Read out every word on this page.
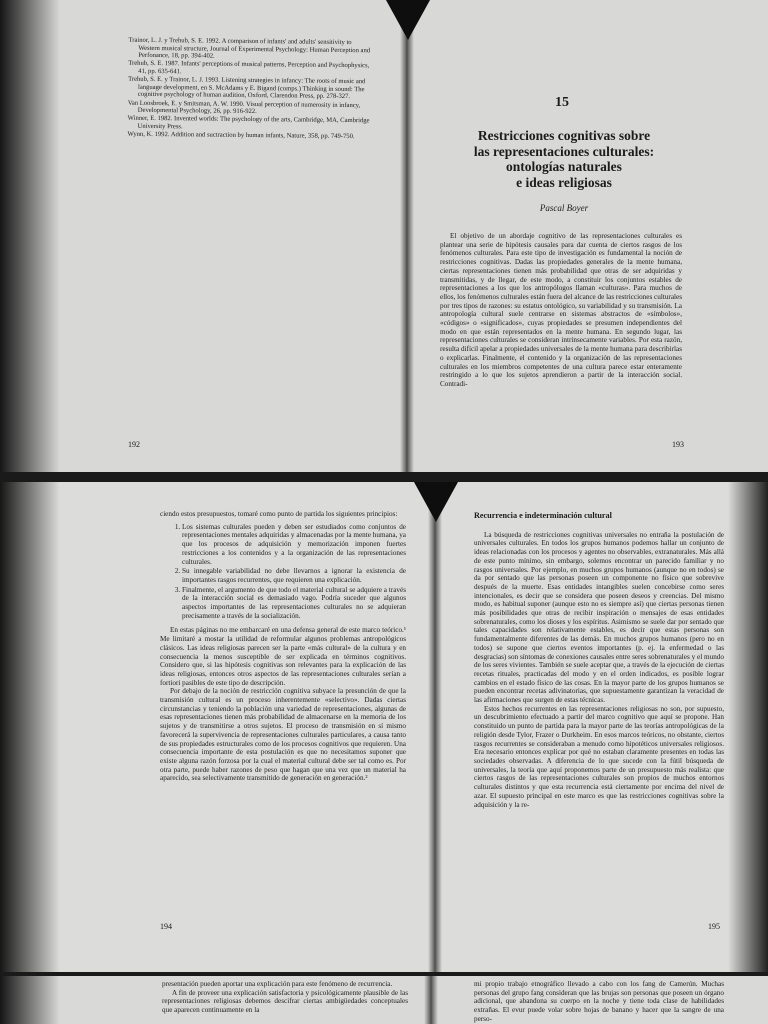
Trainor, L. J. y Trehub, S. E. 1992. A comparison of infants' and adults' sensitivity to Western musical structure, Journal of Experimental Psychology: Human Perception and Perfonance, 18, pp. 394-402.
Trehub, S. E. 1987. Infants' perceptions of musical patterns, Perception and Psychophysics, 41, pp. 635-641.
Trehub, S. E. y Trainor, L. J. 1993. Listening strategies in infancy: The roots of music and language development, en S. McAdams y E. Bigand (comps.) Thinking in sound: The cognitive psychology of human audition, Oxford, Clarendon Press, pp. 278-327.
Van Loosbroek, E. y Smitsman, A. W. 1990. Visual perception of numerosity in infancy, Developmental Psychology, 26, pp. 916-922.
Winner, E. 1982. Invented worlds: The psychology of the arts, Cambridge, MA, Cambridge University Press.
Wynn, K. 1992. Addition and suctraction by human infants, Nature, 358, pp. 749-750.
192
15
Restricciones cognitivas sobre
las representaciones culturales:
ontologías naturales
e ideas religiosas
Pascal Boyer

El objetivo de un abordaje cognitivo de las representaciones culturales es plantear una serie de hipótesis causales para dar cuenta de ciertos rasgos de los fenómenos culturales. Para este tipo de investigación es fundamental la noción de restricciones cognitivas. Dadas las propiedades generales de la mente humana, ciertas representaciones tienen más probabilidad que otras de ser adquiridas y transmitidas, y de llegar, de este modo, a constituir los conjuntos estables de representaciones a los que los antropólogos llaman «culturas». Para muchos de ellos, los fenómenos culturales están fuera del alcance de las restricciones culturales por tres tipos de razones: su estatus ontológico, su variabilidad y su transmisión. La antropología cultural suele centrarse en sistemas abstractos de «símbolos», «códigos» o «significados», cuyas propiedades se presumen independientes del modo en que están representados en la mente humana. En segundo lugar, las representaciones culturales se consideran intrínsecamente variables. Por esta razón, resulta difícil apelar a propiedades universales de la mente humana para describirlas o explicarlas. Finalmente, el contenido y la organización de las representaciones culturales en los miembros competentes de una cultura parece estar enteramente restringido a lo que los sujetos aprendieron a partir de la interacción social. Contradi-

193

ciendo estos presupuestos, tomaré como punto de partida los siguientes principios:

1. Los sistemas culturales pueden y deben ser estudiados como conjuntos de representaciones mentales adquiridas y almacenadas por la mente humana, ya que los procesos de adquisición y memorización imponen fuertes restricciones a los contenidos y a la organización de las representaciones culturales.
2. Su innegable variabilidad no debe llevarnos a ignorar la existencia de importantes rasgos recurrentes, que requieren una explicación.
3. Finalmente, el argumento de que todo el material cultural se adquiere a través de la interacción social es demasiado vago. Podría suceder que algunos aspectos importantes de las representaciones culturales no se adquieran precisamente a través de la socialización.

En estas páginas no me embarcaré en una defensa general de este marco teórico.¹ Me limitaré a mostar la utilidad de reformular algunos problemas antropológicos clásicos. Las ideas religiosas parecen ser la parte «más cultural» de la cultura y en consecuencia la menos susceptible de ser explicada en términos cognitivos. Considero que, si las hipótesis cognitivas son relevantes para la explicación de las ideas religiosas, entonces otros aspectos de las representaciones culturales serían a fortiori pasibles de este tipo de descripción.

Por debajo de la noción de restricción cognitiva subyace la presunción de que la transmisión cultural es un proceso inherentemente «selectivo». Dadas ciertas circunstancias y teniendo la población una variedad de representaciones, algunas de esas representaciones tienen más probabilidad de almacenarse en la memoria de los sujetos y de transmitirse a otros sujetos. El proceso de transmisión en sí mismo favorecerá la supervivencia de representaciones culturales particulares, a causa tanto de sus propiedades estructurales como de los procesos cognitivos que requieren. Una consecuencia importante de esta postulación es que no necesitamos suponer que existe alguna razón forzosa por la cual el material cultural debe ser tal como es. Por otra parte, puede haber razones de peso que hagan que una vez que un material ha aparecido, sea selectivamente transmitido de generación en generación.²

194
Recurrencia e indeterminación cultural

La búsqueda de restricciones cognitivas universales no entraña la postulación de universales culturales. En todos los grupos humanos podemos hallar un conjunto de ideas relacionadas con los procesos y agentes no observables, extranaturales. Más allá de este punto mínimo, sin embargo, solemos encontrar un parecido familiar y no rasgos universales. Por ejemplo, en muchos grupos humanos (aunque no en todos) se da por sentado que las personas poseen un componente no físico que sobrevive después de la muerte. Esas entidades intangibles suelen concebirse como seres intencionales, es decir que se considera que poseen deseos y creencias. Del mismo modo, es habitual suponer (aunque esto no es siempre así) que ciertas personas tienen más posibilidades que otras de recibir inspiración o mensajes de esas entidades sobrenaturales, como los dioses y los espíritus. Asimismo se suele dar por sentado que tales capacidades son relativamente estables, es decir que estas personas son fundamentalmente diferentes de las demás. En muchos grupos humanos (pero no en todos) se supone que ciertos eventos importantes (p. ej. la enfermedad o las desgracias) son síntomas de conexiones causales entre seres sobrenaturales y el mundo de los seres vivientes. También se suele aceptar que, a través de la ejecución de ciertas recetas rituales, practicadas del modo y en el orden indicados, es posible lograr cambios en el estado físico de las cosas. En la mayor parte de los grupos humanos se pueden encontrar recetas adivinatorias, que supuestamente garantizan la veracidad de las afirmaciones que surgen de estas técnicas.

Estos hechos recurrentes en las representaciones religiosas no son, por supuesto, un descubrimiento efectuado a partir del marco cognitivo que aquí se propone. Han constituido un punto de partida para la mayor parte de las teorías antropológicas de la religión desde Tylor, Frazer o Durkheim. En esos marcos teóricos, no obstante, ciertos rasgos recurrentes se consideraban a menudo como hipotéticos universales religiosos. Era necesario entonces explicar por qué no estaban claramente presentes en todas las sociedades observadas. A diferencia de lo que sucede con la fútil búsqueda de universales, la teoría que aquí proponemos parte de un presupuesto más realista: que ciertos rasgos de las representaciones culturales son propios de muchos entornos culturales distintos y que esta recurrencia está ciertamente por encima del nivel de azar. El supuesto principal en este marco es que las restricciones cognitivas sobre la adquisición y la re-

195

presentación pueden aportar una explicación para este fenómeno de recurrencia.

A fin de proveer una explicación satisfactoria y psicológicamente plausible de las representaciones religiosas debemos descifrar ciertas ambigüedades conceptuales que aparecen continuamente en la

mi propio trabajo etnográfico llevado a cabo con los fang de Camerún. Muchas personas del grupo fang consideran que las brujas son personas que poseen un órgano adicional, que abandona su cuerpo en la noche y tiene toda clase de habilidades extrañas. El evur puede volar sobre hojas de banano y hacer que la sangre de una perso-
